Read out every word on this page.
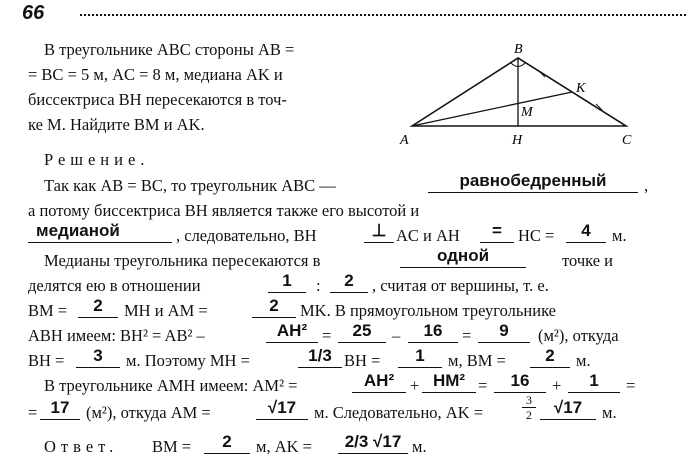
66
В треугольнике ABC стороны AB =
= BC = 5 м, AC = 8 м, медиана AK и
биссектриса BH пересекаются в точ-
ке M. Найдите BM и AK.
B
K
M
A	H	C
Решение.
Так как AB = BC, то треугольник ABC —	равнобедренный	,
а потому биссектриса BH является также его высотой и
медианой	, следовательно, BH	⊥ AC и AH	= HC =	4	м.
Медианы треугольника пересекаются в	одной	точке и
делятся ею в отношении	1	:	2	, считая от вершины, т. е.
BM =	2	MH и AM =	2	MK. В прямоугольном треугольнике
ABH имеем: BH² = AB² –	AH² =	25	–	16	=	9	(м²), откуда
BH =	3	м. Поэтому MH =	1/3 BH =	1	м, BM =	2	м.
В треугольнике AMH имеем: AM² =	AH² + HM² =	16	+	1	=
= 17	(м²), откуда AM =	√17	м. Следовательно, AK =
3
2	√17	м.
Ответ. BM =	2	м, AK =	2/3 √17 м.
